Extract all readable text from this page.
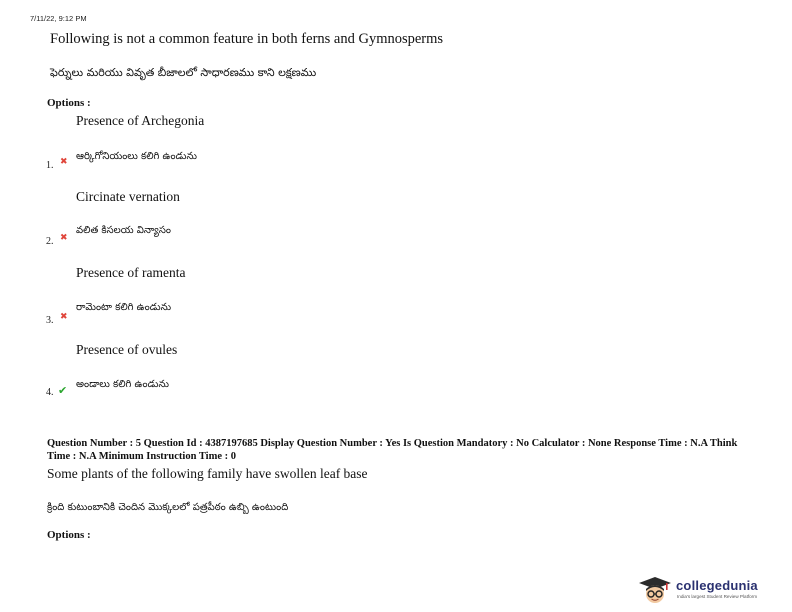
7/11/22, 9:12 PM
Following is not a common feature in both ferns and Gymnosperms
ఫెర్నులు మరియు వివృత బీజాలలో సాధారణము కాని లక్షణము
Options :
Presence of Archegonia
ఆర్కిగోనియంలు కలిగి ఉండును
1. ✖
Circinate vernation
వలిత కిసలయ విన్యాసం
2. ✖
Presence of ramenta
రామెంటా కలిగి ఉండును
3. ✖
Presence of ovules
అండాలు కలిగి ఉండును
4. ✔
Question Number : 5 Question Id : 4387197685 Display Question Number : Yes Is Question Mandatory : No Calculator : None Response Time : N.A Think Time : N.A Minimum Instruction Time : 0
Some plants of the following family have swollen leaf base
క్రింది కుటుంబానికి చెందిన మొక్కలలో పత్రపీఠం ఉబ్బి ఉంటుంది
Options :
collegedunia
India's largest Student Review Platform
